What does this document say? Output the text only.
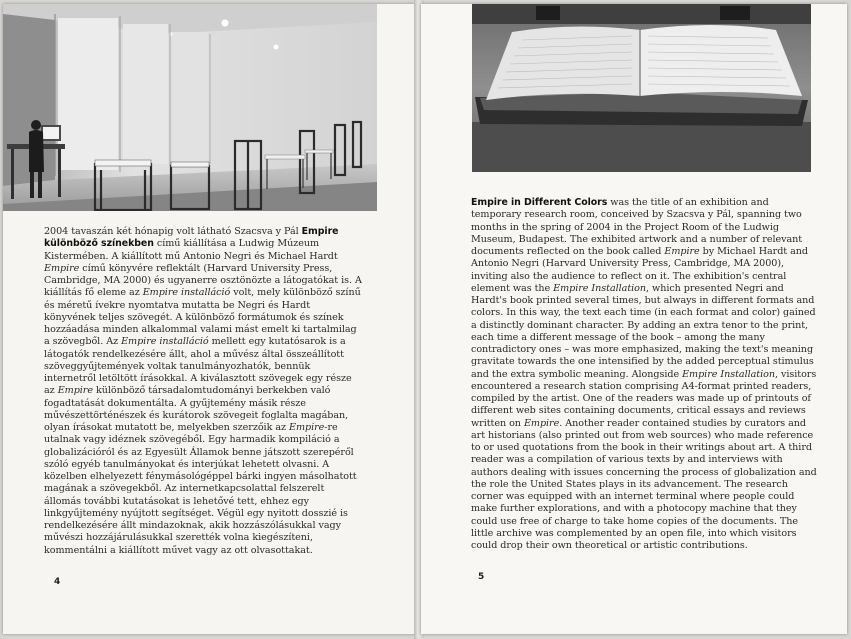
2004 tavaszán két hónapig volt látható Szacsva y Pál Empire különböző színekben című kiállítása a Ludwig Múzeum Kistermében. A kiállított mű Antonio Negri és Michael Hardt Empire című könyvére reflektált (Harvard University Press, Cambridge, MA 2000) és ugyanerre osztönözte a látogatókat is. A kiállítás fő eleme az Empire installáció volt, mely különböző színű és méretű ívekre nyomtatva mutatta be Negri és Hardt könyvének teljes szövegét. A különböző formátumok és színek hozzáadása minden alkalommal valami mást emelt ki tartalmilag a szövegből. Az Empire installáció mellett egy kutatósarok is a látogatók rendelkezésére állt, ahol a művész által összeállított szöveggyűjtemények voltak tanulmányozhatók, bennük internetről letöltött írásokkal. A kiválasztott szövegek egy része az Empire különböző társadalomtudományi berkekben való fogadtatását dokumentálta. A gyűjtemény másik része művészettörténészek és kurátorok szövegeit foglalta magában, olyan írásokat mutatott be, melyekben szerzőik az Empire-re utalnak vagy idéznek szövegéből. Egy harmadik kompiláció a globalizációról és az Egyesült Államok benne játszott szerepéről szóló egyéb tanulmányokat és interjúkat lehetett olvasni. A közelben elhelyezett fénymásológéppel bárki ingyen másolhatott magának a szövegekből. Az internetkapcsolattal felszerelt állomás további kutatásokat is lehetővé tett, ehhez egy linkgyűjtemény nyújtott segítséget. Végül egy nyitott dosszié is rendelkezésére állt mindazoknak, akik hozzászólásukkal vagy művészi hozzájárulásukkal szerették volna kiegészíteni, kommentálni a kiállított művet vagy az ott olvasottakat.

4

Empire in Different Colors was the title of an exhibition and temporary research room, conceived by Szacsva y Pál, spanning two months in the spring of 2004 in the Project Room of the Ludwig Museum, Budapest. The exhibited artwork and a number of relevant documents reflected on the book called Empire by Michael Hardt and Antonio Negri (Harvard University Press, Cambridge, MA 2000), inviting also the audience to reflect on it. The exhibition's central element was the Empire Installation, which presented Negri and Hardt's book printed several times, but always in different formats and colors. In this way, the text each time (in each format and color) gained a distinctly dominant character. By adding an extra tenor to the print, each time a different message of the book – among the many contradictory ones – was more emphasized, making the text's meaning gravitate towards the one intensified by the added perceptual stimulus and the extra symbolic meaning. Alongside Empire Installation, visitors encountered a research station comprising A4-format printed readers, compiled by the artist. One of the readers was made up of printouts of different web sites containing documents, critical essays and reviews written on Empire. Another reader contained studies by curators and art historians (also printed out from web sources) who made reference to or used quotations from the book in their writings about art. A third reader was a compilation of various texts by and interviews with authors dealing with issues concerning the process of globalization and the role the United States plays in its advancement. The research corner was equipped with an internet terminal where people could make further explorations, and with a photocopy machine that they could use free of charge to take home copies of the documents. The little archive was complemented by an open file, into which visitors could drop their own theoretical or artistic contributions.

5
